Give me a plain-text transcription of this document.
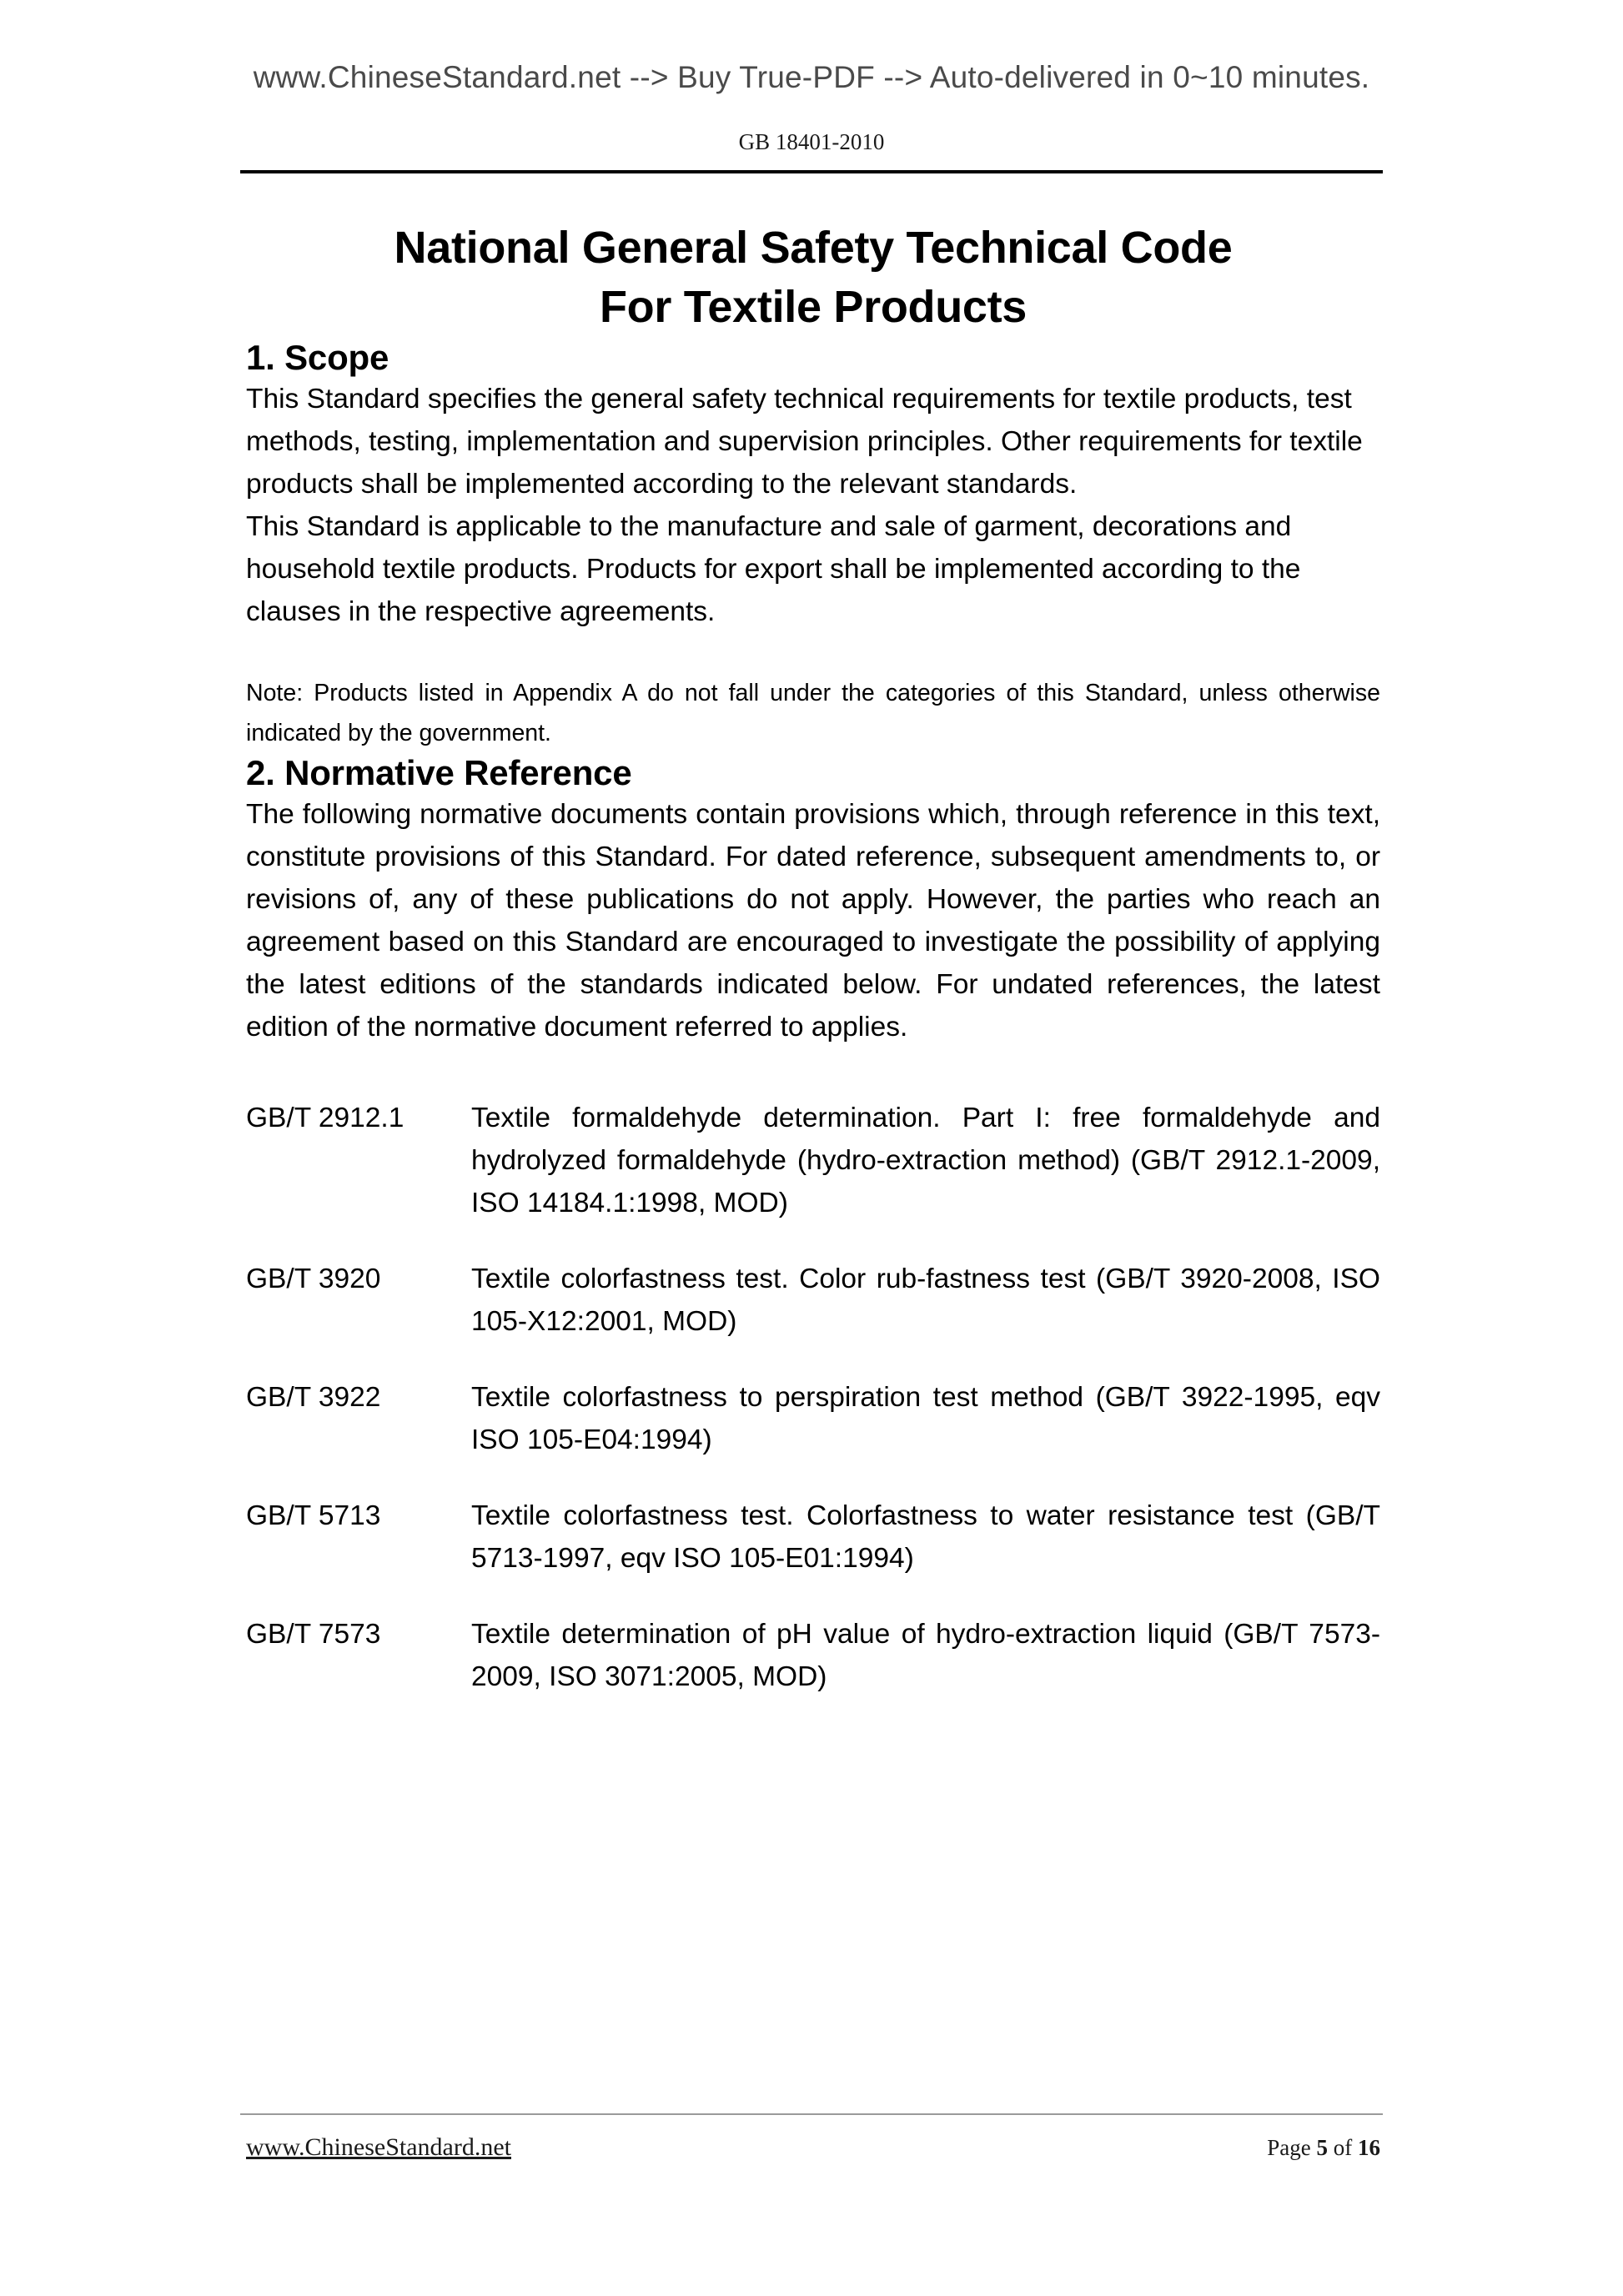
www.ChineseStandard.net --> Buy True-PDF --> Auto-delivered in 0~10 minutes.
GB 18401-2010
National General Safety Technical Code
For Textile Products
1. Scope

This Standard specifies the general safety technical requirements for textile products, test methods, testing, implementation and supervision principles. Other requirements for textile products shall be implemented according to the relevant standards.

This Standard is applicable to the manufacture and sale of garment, decorations and household textile products. Products for export shall be implemented according to the clauses in the respective agreements.

Note: Products listed in Appendix A do not fall under the categories of this Standard, unless otherwise indicated by the government.

2. Normative Reference

The following normative documents contain provisions which, through reference in this text, constitute provisions of this Standard. For dated reference, subsequent amendments to, or revisions of, any of these publications do not apply. However, the parties who reach an agreement based on this Standard are encouraged to investigate the possibility of applying the latest editions of the standards indicated below. For undated references, the latest edition of the normative document referred to applies.

GB/T 2912.1	Textile formaldehyde determination. Part I: free formaldehyde and hydrolyzed formaldehyde (hydro-extraction method) (GB/T 2912.1-2009, ISO 14184.1:1998, MOD)
GB/T 3920	Textile colorfastness test. Color rub-fastness test (GB/T 3920-2008, ISO 105-X12:2001, MOD)
GB/T 3922	Textile colorfastness to perspiration test method (GB/T 3922-1995, eqv ISO 105-E04:1994)
GB/T 5713	Textile colorfastness test. Colorfastness to water resistance test (GB/T 5713-1997, eqv ISO 105-E01:1994)
GB/T 7573	Textile determination of pH value of hydro-extraction liquid (GB/T 7573-2009, ISO 3071:2005, MOD)
www.ChineseStandard.net	Page 5 of 16
